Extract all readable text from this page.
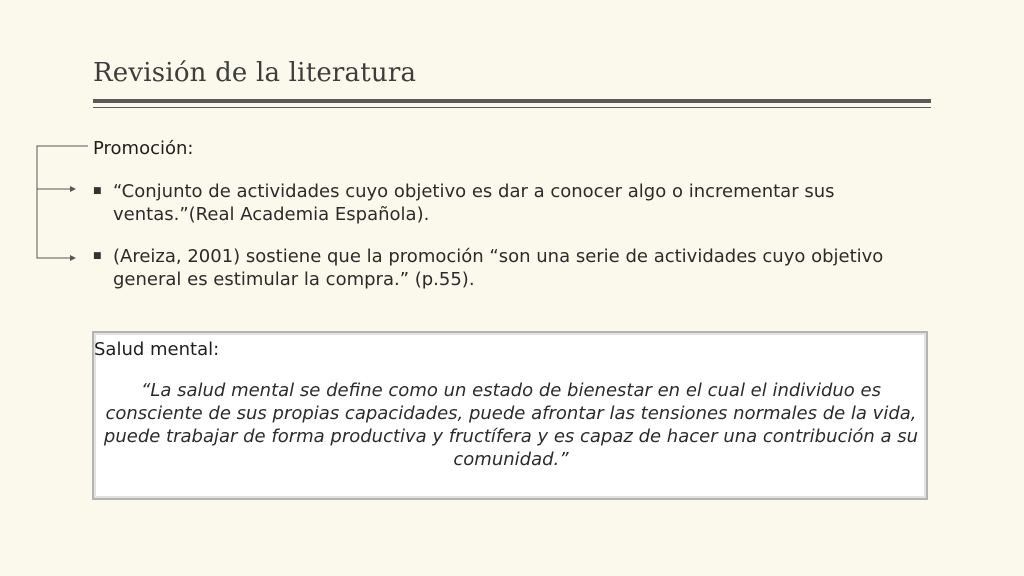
Revisión de la literatura
Promoción:
■ “Conjunto de actividades cuyo objetivo es dar a conocer algo o incrementar sus ventas.”(Real Academia Española).
■ (Areiza, 2001) sostiene que la promoción “son una serie de actividades cuyo objetivo general es estimular la compra.” (p.55).
Salud mental:
“La salud mental se define como un estado de bienestar en el cual el individuo es consciente de sus propias capacidades, puede afrontar las tensiones normales de la vida, puede trabajar de forma productiva y fructífera y es capaz de hacer una contribución a su comunidad.”
